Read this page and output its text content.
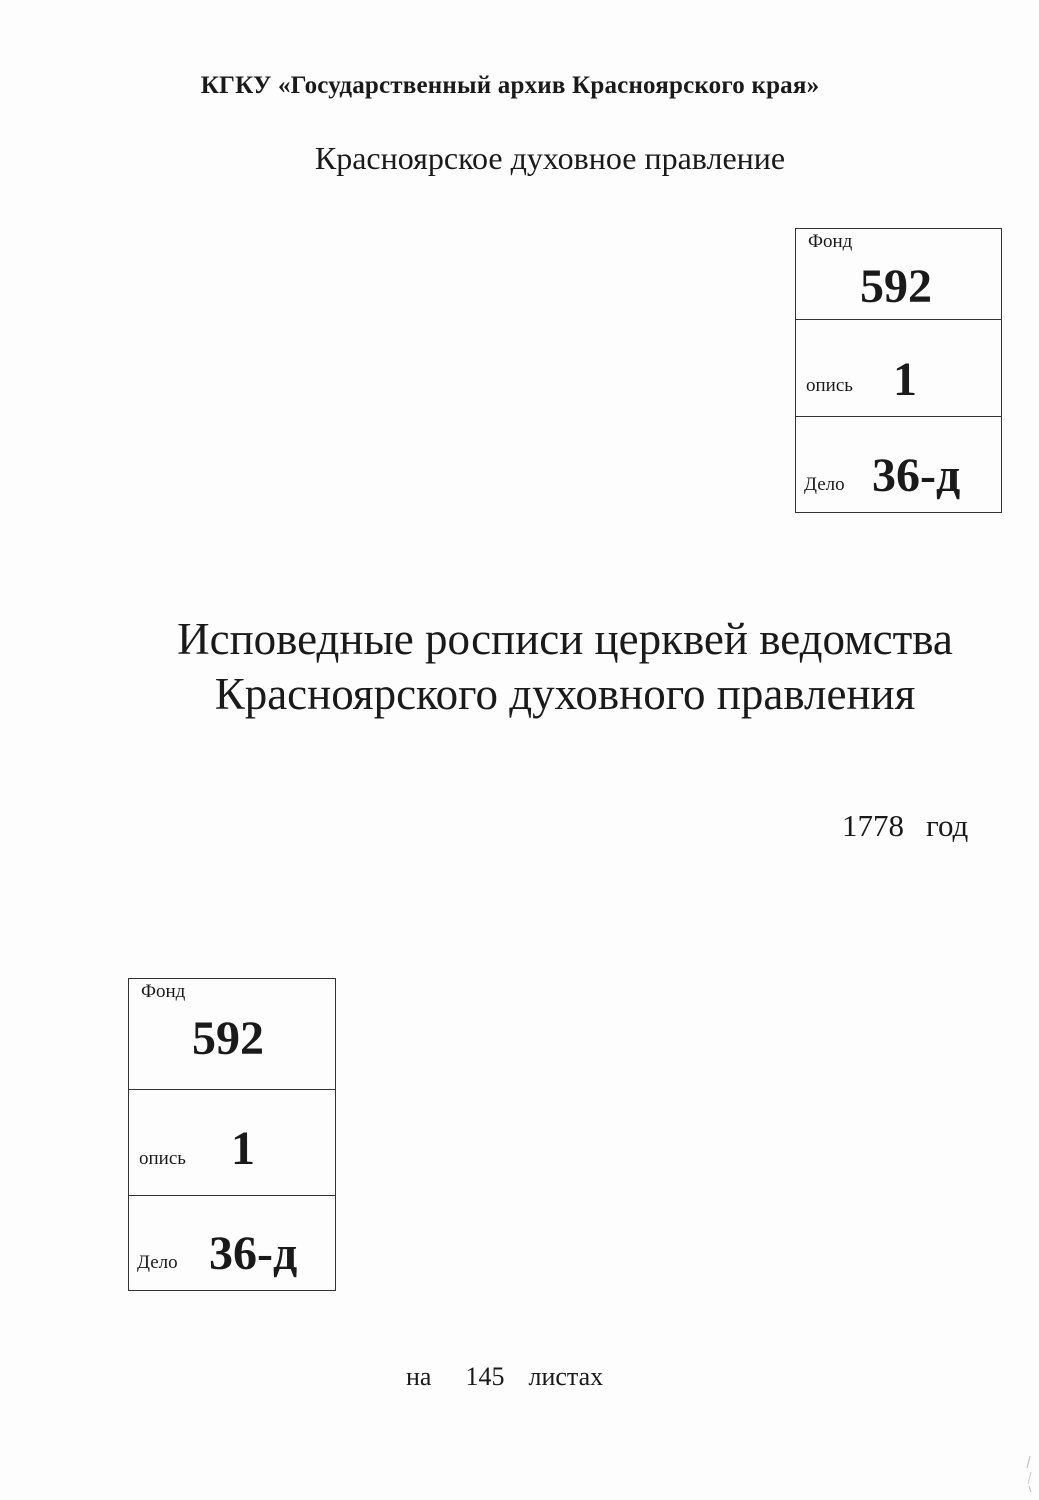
КГКУ «Государственный архив Красноярского края»
Красноярское духовное правление
Фонд
592
опись 1
Дело 36-д
Исповедные росписи церквей ведомства
Красноярского духовного правления
1778 год
Фонд
592
опись 1
Дело 36-д
на 145 листах
